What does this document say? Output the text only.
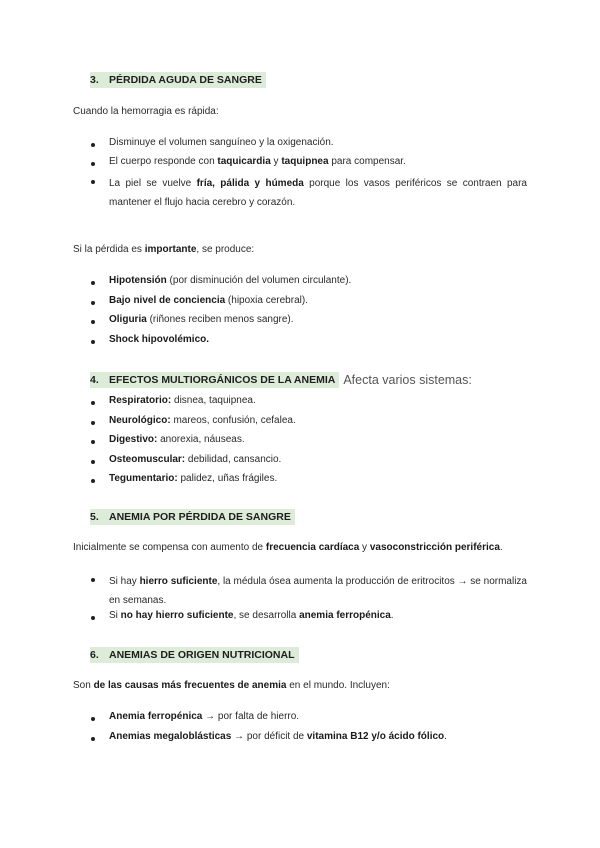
3. PÉRDIDA AGUDA DE SANGRE
Cuando la hemorragia es rápida:
Disminuye el volumen sanguíneo y la oxigenación.
El cuerpo responde con taquicardia y taquipnea para compensar.
La piel se vuelve fría, pálida y húmeda porque los vasos periféricos se contraen para mantener el flujo hacia cerebro y corazón.
Si la pérdida es importante, se produce:
Hipotensión (por disminución del volumen circulante).
Bajo nivel de conciencia (hipoxia cerebral).
Oliguria (riñones reciben menos sangre).
Shock hipovolémico.
4. EFECTOS MULTIORGÁNICOS DE LA ANEMIA Afecta varios sistemas:
Respiratorio: disnea, taquipnea.
Neurológico: mareos, confusión, cefalea.
Digestivo: anorexia, náuseas.
Osteomuscular: debilidad, cansancio.
Tegumentario: palidez, uñas frágiles.
5. ANEMIA POR PÉRDIDA DE SANGRE
Inicialmente se compensa con aumento de frecuencia cardíaca y vasoconstricción periférica.
Si hay hierro suficiente, la médula ósea aumenta la producción de eritrocitos → se normaliza en semanas.
Si no hay hierro suficiente, se desarrolla anemia ferropénica.
6. ANEMIAS DE ORIGEN NUTRICIONAL
Son de las causas más frecuentes de anemia en el mundo. Incluyen:
Anemia ferropénica → por falta de hierro.
Anemias megaloblásticas → por déficit de vitamina B12 y/o ácido fólico.
